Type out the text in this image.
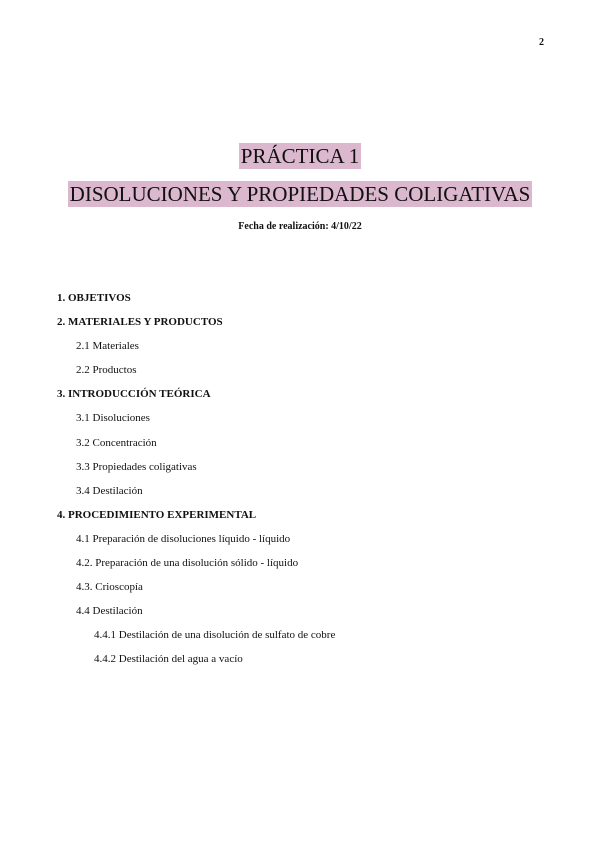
2
PRÁCTICA 1
DISOLUCIONES Y PROPIEDADES COLIGATIVAS
Fecha de realización: 4/10/22
1. OBJETIVOS
2. MATERIALES Y PRODUCTOS
2.1 Materiales
2.2 Productos
3. INTRODUCCIÓN TEÓRICA
3.1 Disoluciones
3.2 Concentración
3.3 Propiedades coligativas
3.4 Destilación
4. PROCEDIMIENTO EXPERIMENTAL
4.1 Preparación de disoluciones líquido - líquido
4.2. Preparación de una disolución sólido - líquido
4.3. Crioscopía
4.4 Destilación
4.4.1 Destilación de una disolución de sulfato de cobre
4.4.2 Destilación del agua a vacío
